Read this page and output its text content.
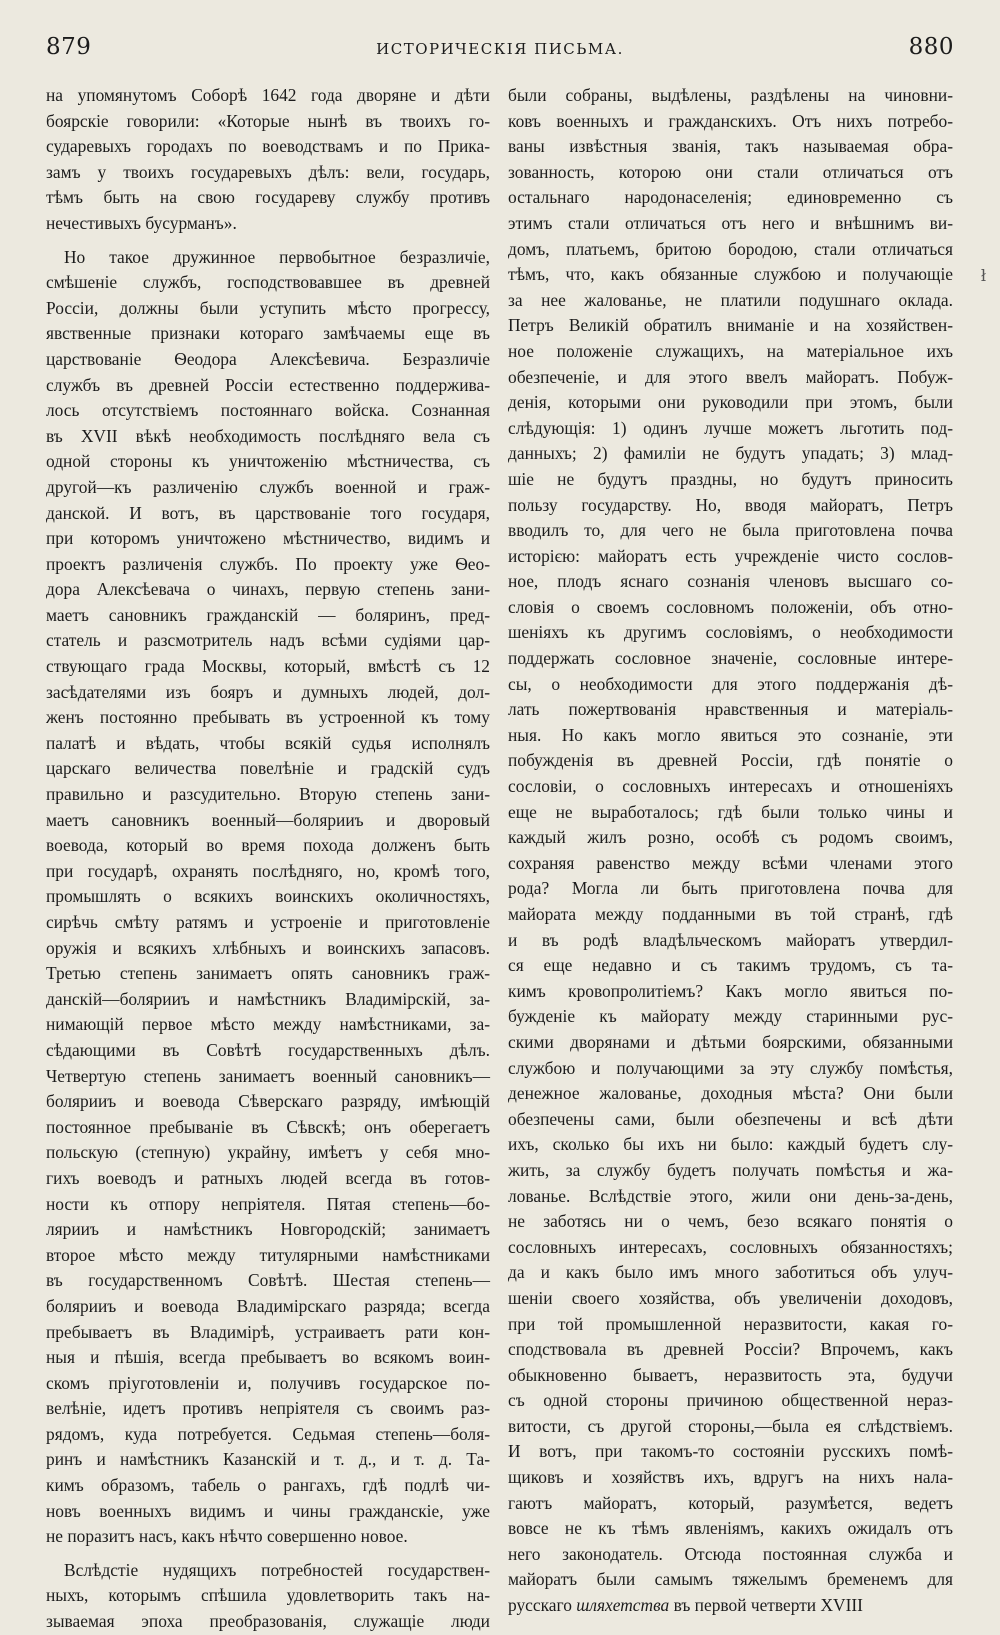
879	ИСТОРИЧЕСКІЯ ПИСЬМА.	880
на упомянутомъ Соборѣ 1642 года дворяне и дѣти
боярскіе говорили: «Которые нынѣ въ твоихъ го-
сударевыхъ городахъ по воеводствамъ и по Прика-
замъ у твоихъ государевыхъ дѣлъ: вели, государь,
тѣмъ быть на свою государеву службу противъ
нечестивыхъ бусурманъ».
Но такое дружинное первобытное безразличіе,
смѣшеніе службъ, господствовавшее въ древней
Россіи, должны были уступить мѣсто прогрессу,
явственные признаки котораго замѣчаемы еще въ
царствованіе Ѳеодора Алексѣевича. Безразличіе
службъ въ древней Россіи естественно поддержива-
лось отсутствіемъ постояннаго войска. Сознанная
въ XVII вѣкѣ необходимость послѣдняго вела съ
одной стороны къ уничтоженію мѣстничества, съ
другой—къ различенію службъ военной и граж-
данской. И вотъ, въ царствованіе того государя,
при которомъ уничтожено мѣстничество, видимъ и
проектъ различенія службъ. По проекту уже Ѳео-
дора Алексѣевача о чинахъ, первую степень зани-
маетъ сановникъ гражданскій — боляринъ, пред-
статель и разсмотритель надъ всѣми судіями цар-
ствующаго града Москвы, который, вмѣстѣ съ 12
засѣдателями изъ бояръ и думныхъ людей, дол-
женъ постоянно пребывать въ устроенной къ тому
палатѣ и вѣдать, чтобы всякій судья исполнялъ
царскаго величества повелѣніе и градскій судъ
правильно и разсудительно. Вторую степень зани-
маетъ сановникъ военный—болярииъ и дворовый
воевода, который во время похода долженъ быть
при государѣ, охранять послѣдняго, но, кромѣ того,
промышлять о всякихъ воинскихъ околичностяхъ,
сирѣчь смѣту ратямъ и устроеніе и приготовленіе
оружія и всякихъ хлѣбныхъ и воинскихъ запасовъ.
Третью степень занимаетъ опять сановникъ граж-
данскій—болярииъ и намѣстникъ Владимірскій, за-
нимающій первое мѣсто между намѣстниками, за-
сѣдающими въ Совѣтѣ государственныхъ дѣлъ.
Четвертую степень занимаетъ военный сановникъ—
болярииъ и воевода Сѣверскаго разряду, имѣющій
постоянное пребываніе въ Сѣвскѣ; онъ оберегаетъ
польскую (степную) украйну, имѣетъ у себя мно-
гихъ воеводъ и ратныхъ людей всегда въ готов-
ности къ отпору непріятеля. Пятая степень—бо-
лярииъ и намѣстникъ Новгородскій; занимаетъ
второе мѣсто между титулярными намѣстниками
въ государственномъ Совѣтѣ. Шестая степень—
болярииъ и воевода Владимірскаго разряда; всегда
пребываетъ въ Владимірѣ, устраиваетъ рати кон-
ныя и пѣшія, всегда пребываетъ во всякомъ воин-
скомъ пріуготовленіи и, получивъ государское по-
велѣніе, идетъ противъ непріятеля съ своимъ раз-
рядомъ, куда потребуется. Седьмая степень—боля-
ринъ и намѣстникъ Казанскій и т. д., и т. д. Та-
кимъ образомъ, табель о рангахъ, гдѣ подлѣ чи-
новъ военныхъ видимъ и чины гражданскіе, уже
не поразитъ насъ, какъ нѣчто совершенно новое.
Вслѣдстіе нудящихъ потребностей государствен-
ныхъ, которымъ спѣшила удовлетворить такъ на-
зываемая эпоха преобразованія, служащіе люди
были собраны, выдѣлены, раздѣлены на чиновни-
ковъ военныхъ и гражданскихъ. Отъ нихъ потребо-
ваны извѣстныя званія, такъ называемая обра-
зованность, которою они стали отличаться отъ
остальнаго народонаселенія; единовременно съ
этимъ стали отличаться отъ него и внѣшнимъ ви-
домъ, платьемъ, бритою бородою, стали отличаться
тѣмъ, что, какъ обязанные службою и получающіе
за нее жалованье, не платили подушнаго оклада.
Петръ Великій обратилъ вниманіе и на хозяйствен-
ное положеніе служащихъ, на матеріальное ихъ
обезпеченіе, и для этого ввелъ майоратъ. Побуж-
денія, которыми они руководили при этомъ, были
слѣдующія: 1) одинъ лучше можетъ льготить под-
данныхъ; 2) фамиліи не будутъ упадать; 3) млад-
шіе не будутъ праздны, но будутъ приносить
пользу государству. Но, вводя майоратъ, Петръ
вводилъ то, для чего не была приготовлена почва
исторією: майоратъ есть учрежденіе чисто сослов-
ное, плодъ яснаго сознанія членовъ высшаго со-
словія о своемъ сословномъ положеніи, объ отно-
шеніяхъ къ другимъ сословіямъ, о необходимости
поддержать сословное значеніе, сословные интере-
сы, о необходимости для этого поддержанія дѣ-
лать пожертвованія нравственныя и матеріаль-
ныя. Но какъ могло явиться это сознаніе, эти
побужденія въ древней Россіи, гдѣ понятіе о
сословіи, о сословныхъ интересахъ и отношеніяхъ
еще не выработалось; гдѣ были только чины и
каждый жилъ розно, особѣ съ родомъ своимъ,
сохраняя равенство между всѣми членами этого
рода? Могла ли быть приготовлена почва для
майората между подданными въ той странѣ, гдѣ
и въ родѣ владѣльческомъ майоратъ утвердил-
ся еще недавно и съ такимъ трудомъ, съ та-
кимъ кровопролитіемъ? Какъ могло явиться по-
бужденіе къ майорату между старинными рус-
скими дворянами и дѣтьми боярскими, обязанными
службою и получающими за эту службу помѣстья,
денежное жалованье, доходныя мѣста? Они были
обезпечены сами, были обезпечены и всѣ дѣти
ихъ, сколько бы ихъ ни было: каждый будетъ слу-
жить, за службу будетъ получать помѣстья и жа-
лованье. Вслѣдствіе этого, жили они день-за-день,
не заботясь ни о чемъ, безо всякаго понятія о
сословныхъ интересахъ, сословныхъ обязанностяхъ;
да и какъ было имъ много заботиться объ улуч-
шеніи своего хозяйства, объ увеличеніи доходовъ,
при той промышленной неразвитости, какая го-
сподствовала въ древней Россіи? Впрочемъ, какъ
обыкновенно бываетъ, неразвитость эта, будучи
съ одной стороны причиною общественной нераз-
витости, съ другой стороны,—была ея слѣдствіемъ.
И вотъ, при такомъ-то состояніи русскихъ помѣ-
щиковъ и хозяйствъ ихъ, вдругъ на нихъ нала-
гаютъ майоратъ, который, разумѣется, ведетъ
вовсе не къ тѣмъ явленіямъ, какихъ ожидалъ отъ
него законодатель. Отсюда постоянная служба и
майоратъ были самымъ тяжелымъ бременемъ для
русскаго шляхетства въ первой четверти XVIII
ł
